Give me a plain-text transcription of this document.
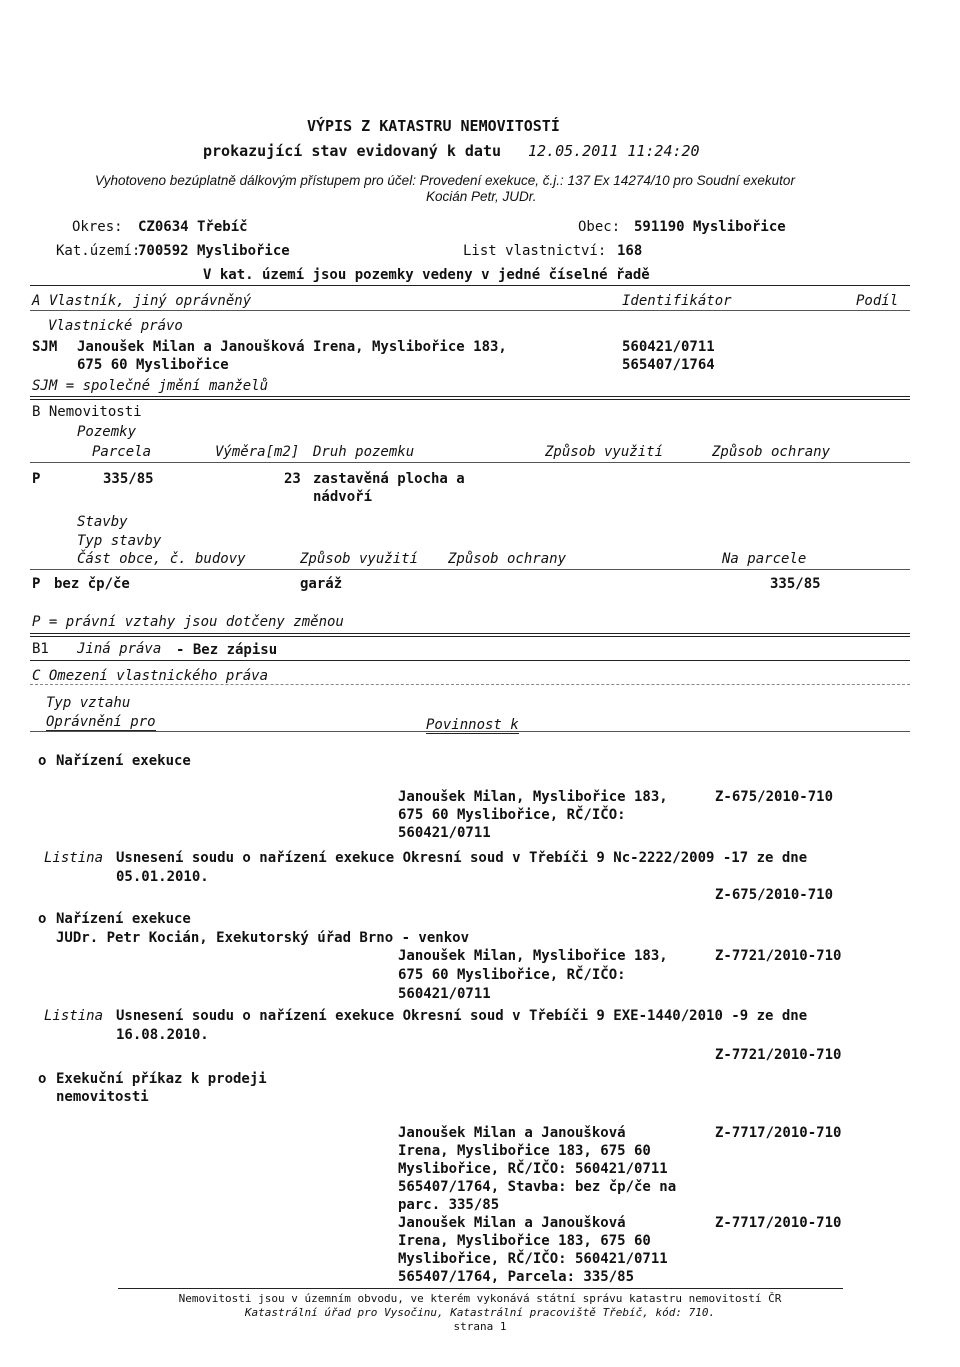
VÝPIS Z KATASTRU NEMOVITOSTÍ
prokazující stav evidovaný k datu 12.05.2011 11:24:20
Vyhotoveno bezúplatně dálkovým přístupem pro účel: Provedení exekuce, č.j.: 137 Ex 14274/10 pro Soudní exekutor
Kocián Petr, JUDr.
Okres: CZ0634 Třebíč	Obec: 591190 Myslibořice
Kat.území:
700592 Myslibořice	List vlastnictví: 168
V kat. území jsou pozemky vedeny v jedné číselné řadě
A Vlastník, jiný oprávněný	Identifikátor	Podíl
Vlastnické právo
SJM Janoušek Milan a Janoušková Irena, Myslibořice 183,
675 60 Myslibořice
560421/0711
565407/1764
SJM = společné jmění manželů
B Nemovitosti
Pozemky
Parcela	Výměra[m2] Druh pozemku	Způsob využití	Způsob ochrany
P	335/85	23 zastavěná plocha a
nádvoří
Stavby
Typ stavby
Část obce, č. budovy	Způsob využití Způsob ochrany	Na parcele
P bez čp/če	garáž	335/85
P = právní vztahy jsou dotčeny změnou
B1 Jiná práva - Bez zápisu
C Omezení vlastnického práva
Typ vztahu
Oprávnění pro	Povinnost k
o Nařízení exekuce
Janoušek Milan, Myslibořice 183,
675 60 Myslibořice, RČ/IČO:
560421/0711
Z-675/2010-710
Listina Usnesení soudu o nařízení exekuce Okresní soud v Třebíči 9 Nc-2222/2009 -17 ze dne
05.01.2010.
Z-675/2010-710
o Nařízení exekuce
JUDr. Petr Kocián, Exekutorský úřad Brno - venkov
Janoušek Milan, Myslibořice 183,
675 60 Myslibořice, RČ/IČO:
560421/0711
Z-7721/2010-710
Listina Usnesení soudu o nařízení exekuce Okresní soud v Třebíči 9 EXE-1440/2010 -9 ze dne
16.08.2010.
Z-7721/2010-710
o Exekuční příkaz k prodeji
nemovitosti
Janoušek Milan a Janoušková
Irena, Myslibořice 183, 675 60
Myslibořice, RČ/IČO: 560421/0711
565407/1764, Stavba: bez čp/če na
parc. 335/85
Z-7717/2010-710
Janoušek Milan a Janoušková
Irena, Myslibořice 183, 675 60
Myslibořice, RČ/IČO: 560421/0711
565407/1764, Parcela: 335/85
Z-7717/2010-710
Nemovitosti jsou v územním obvodu, ve kterém vykonává státní správu katastru nemovitostí ČR
Katastrální úřad pro Vysočinu, Katastrální pracoviště Třebíč, kód: 710.
strana 1
